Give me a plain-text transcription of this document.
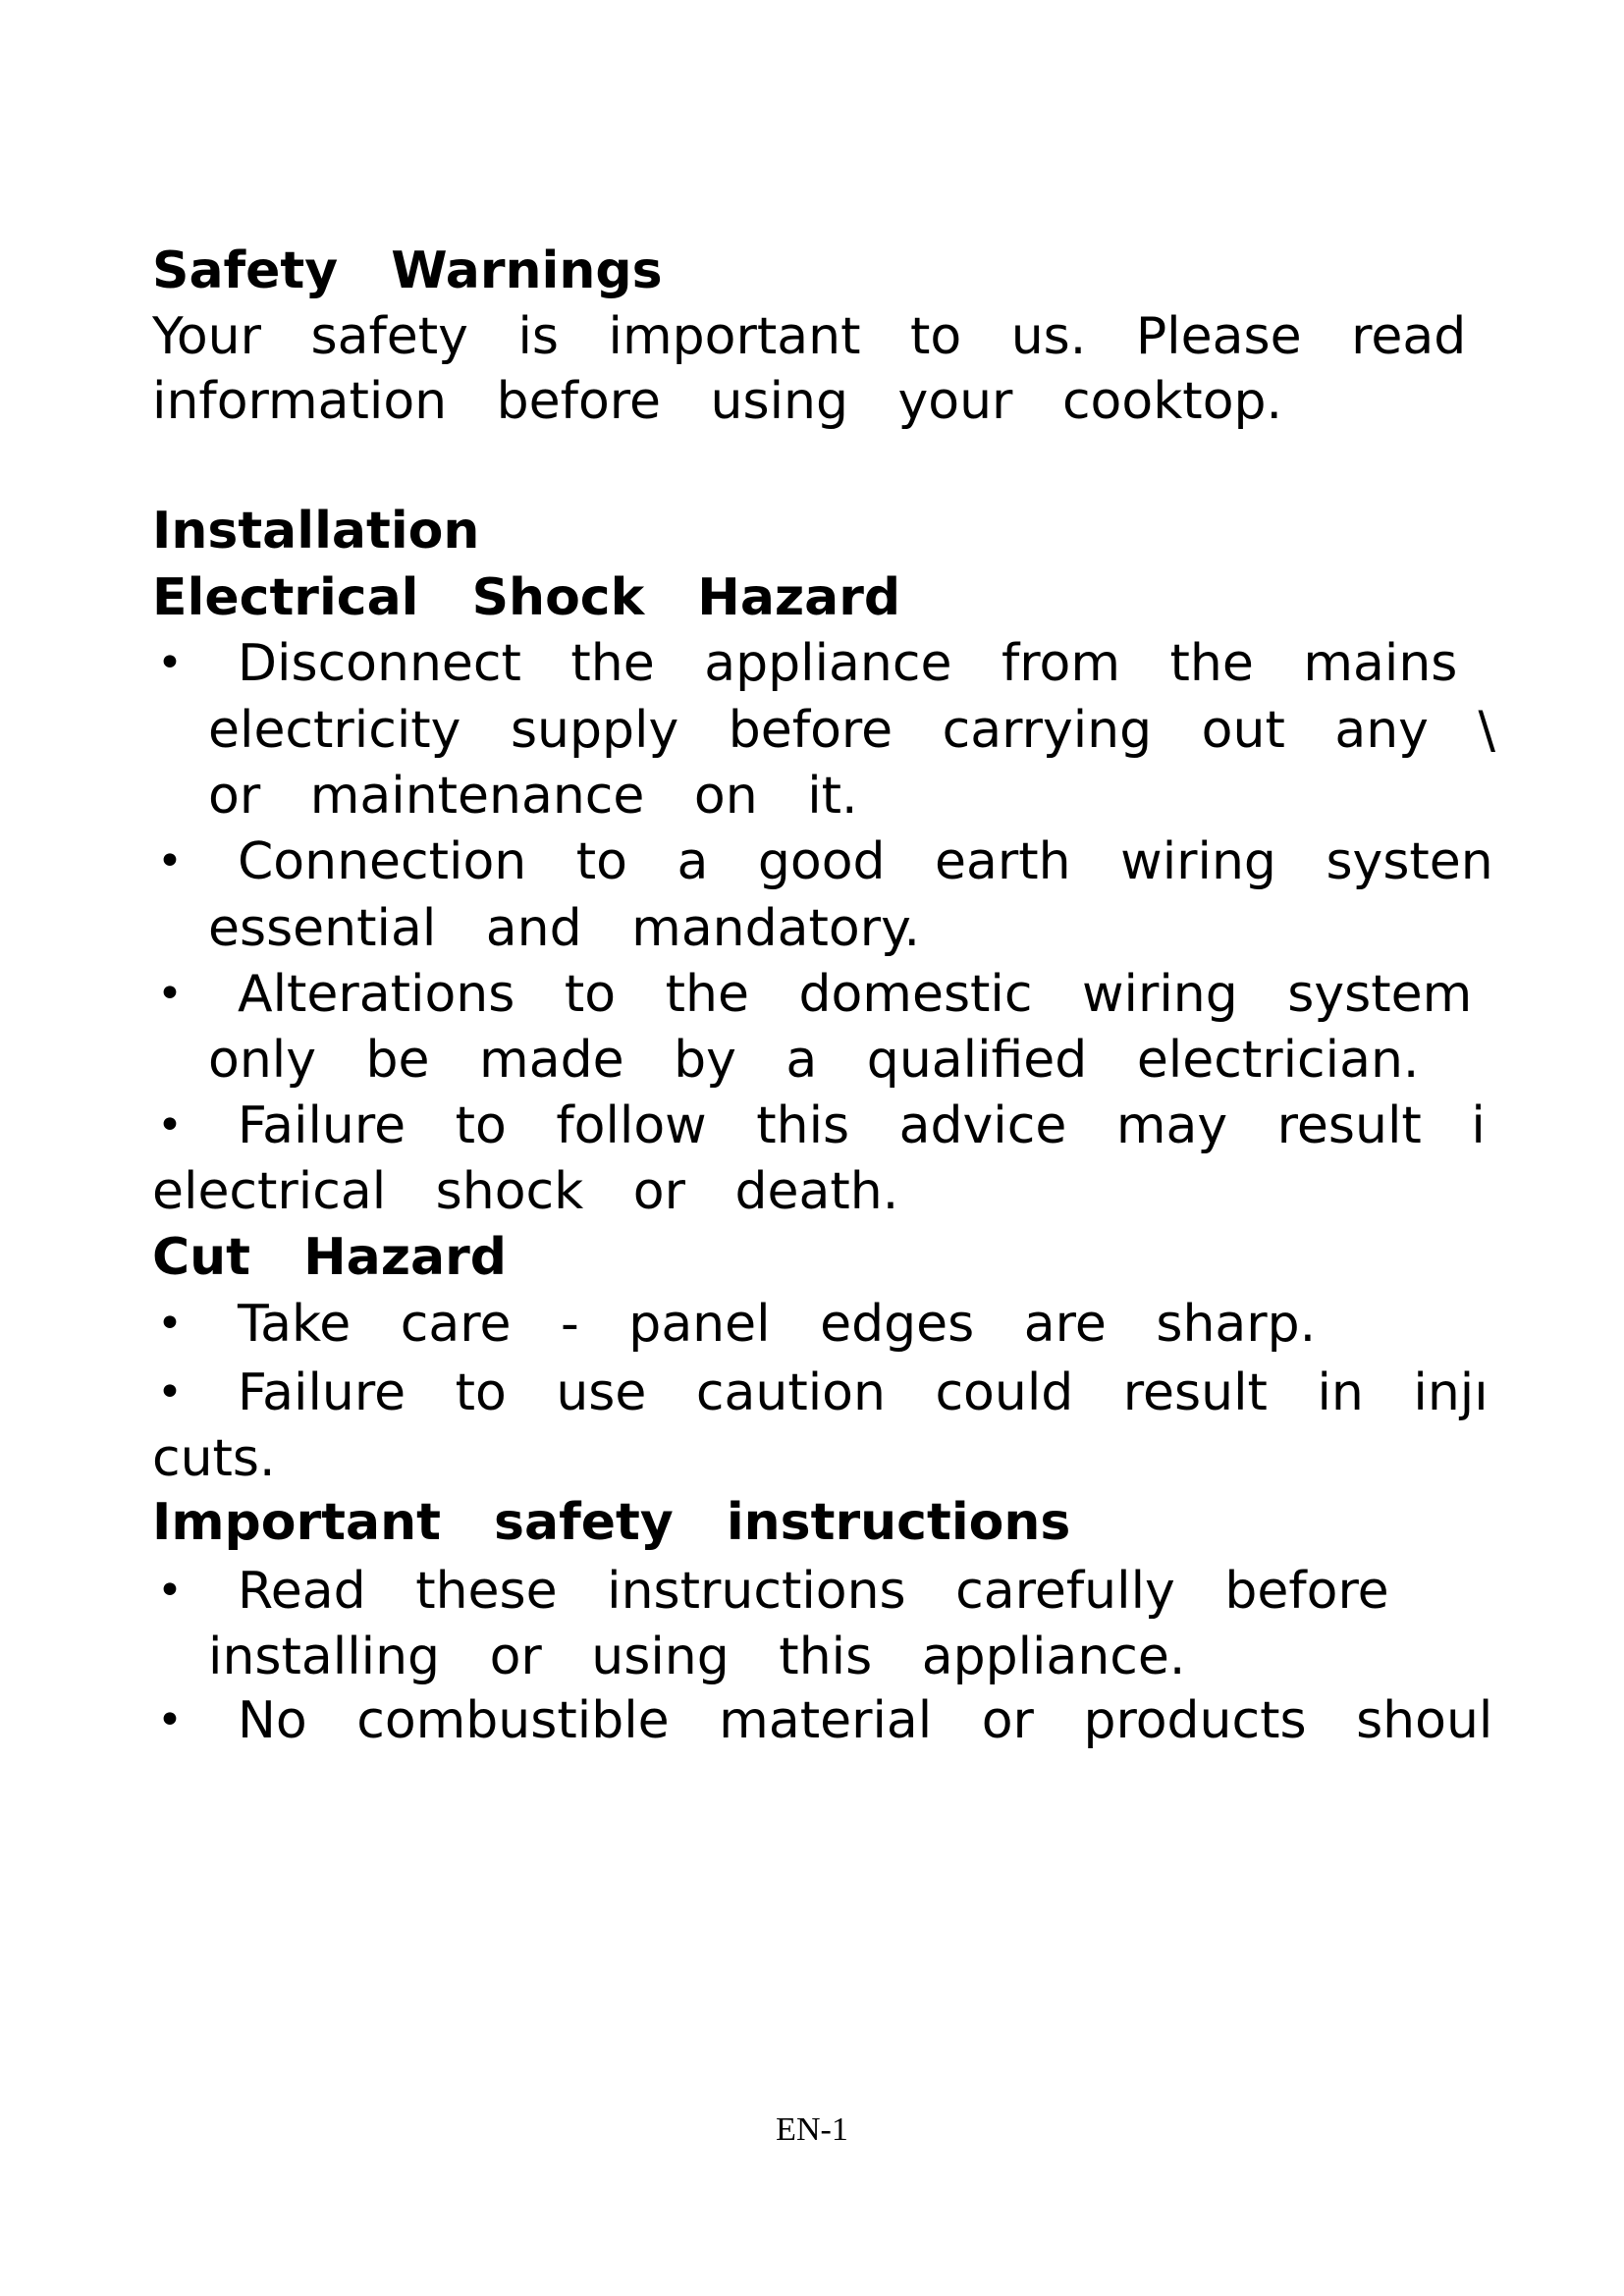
Safety Warnings

Your safety is important to us. Please read

information before using your cooktop.

Installation

Electrical Shock Hazard

• Disconnect the appliance from the mains

electricity supply before carrying out any \

or maintenance on it.

• Connection to a good earth wiring systen

essential and mandatory.

• Alterations to the domestic wiring system

only be made by a qualified electrician.

• Failure to follow this advice may result i

electrical shock or death.

Cut Hazard

• Take care - panel edges are sharp.

• Failure to use caution could result in injı

cuts.

Important safety instructions

• Read these instructions carefully before

installing or using this appliance.

• No combustible material or products shoul

EN-1
